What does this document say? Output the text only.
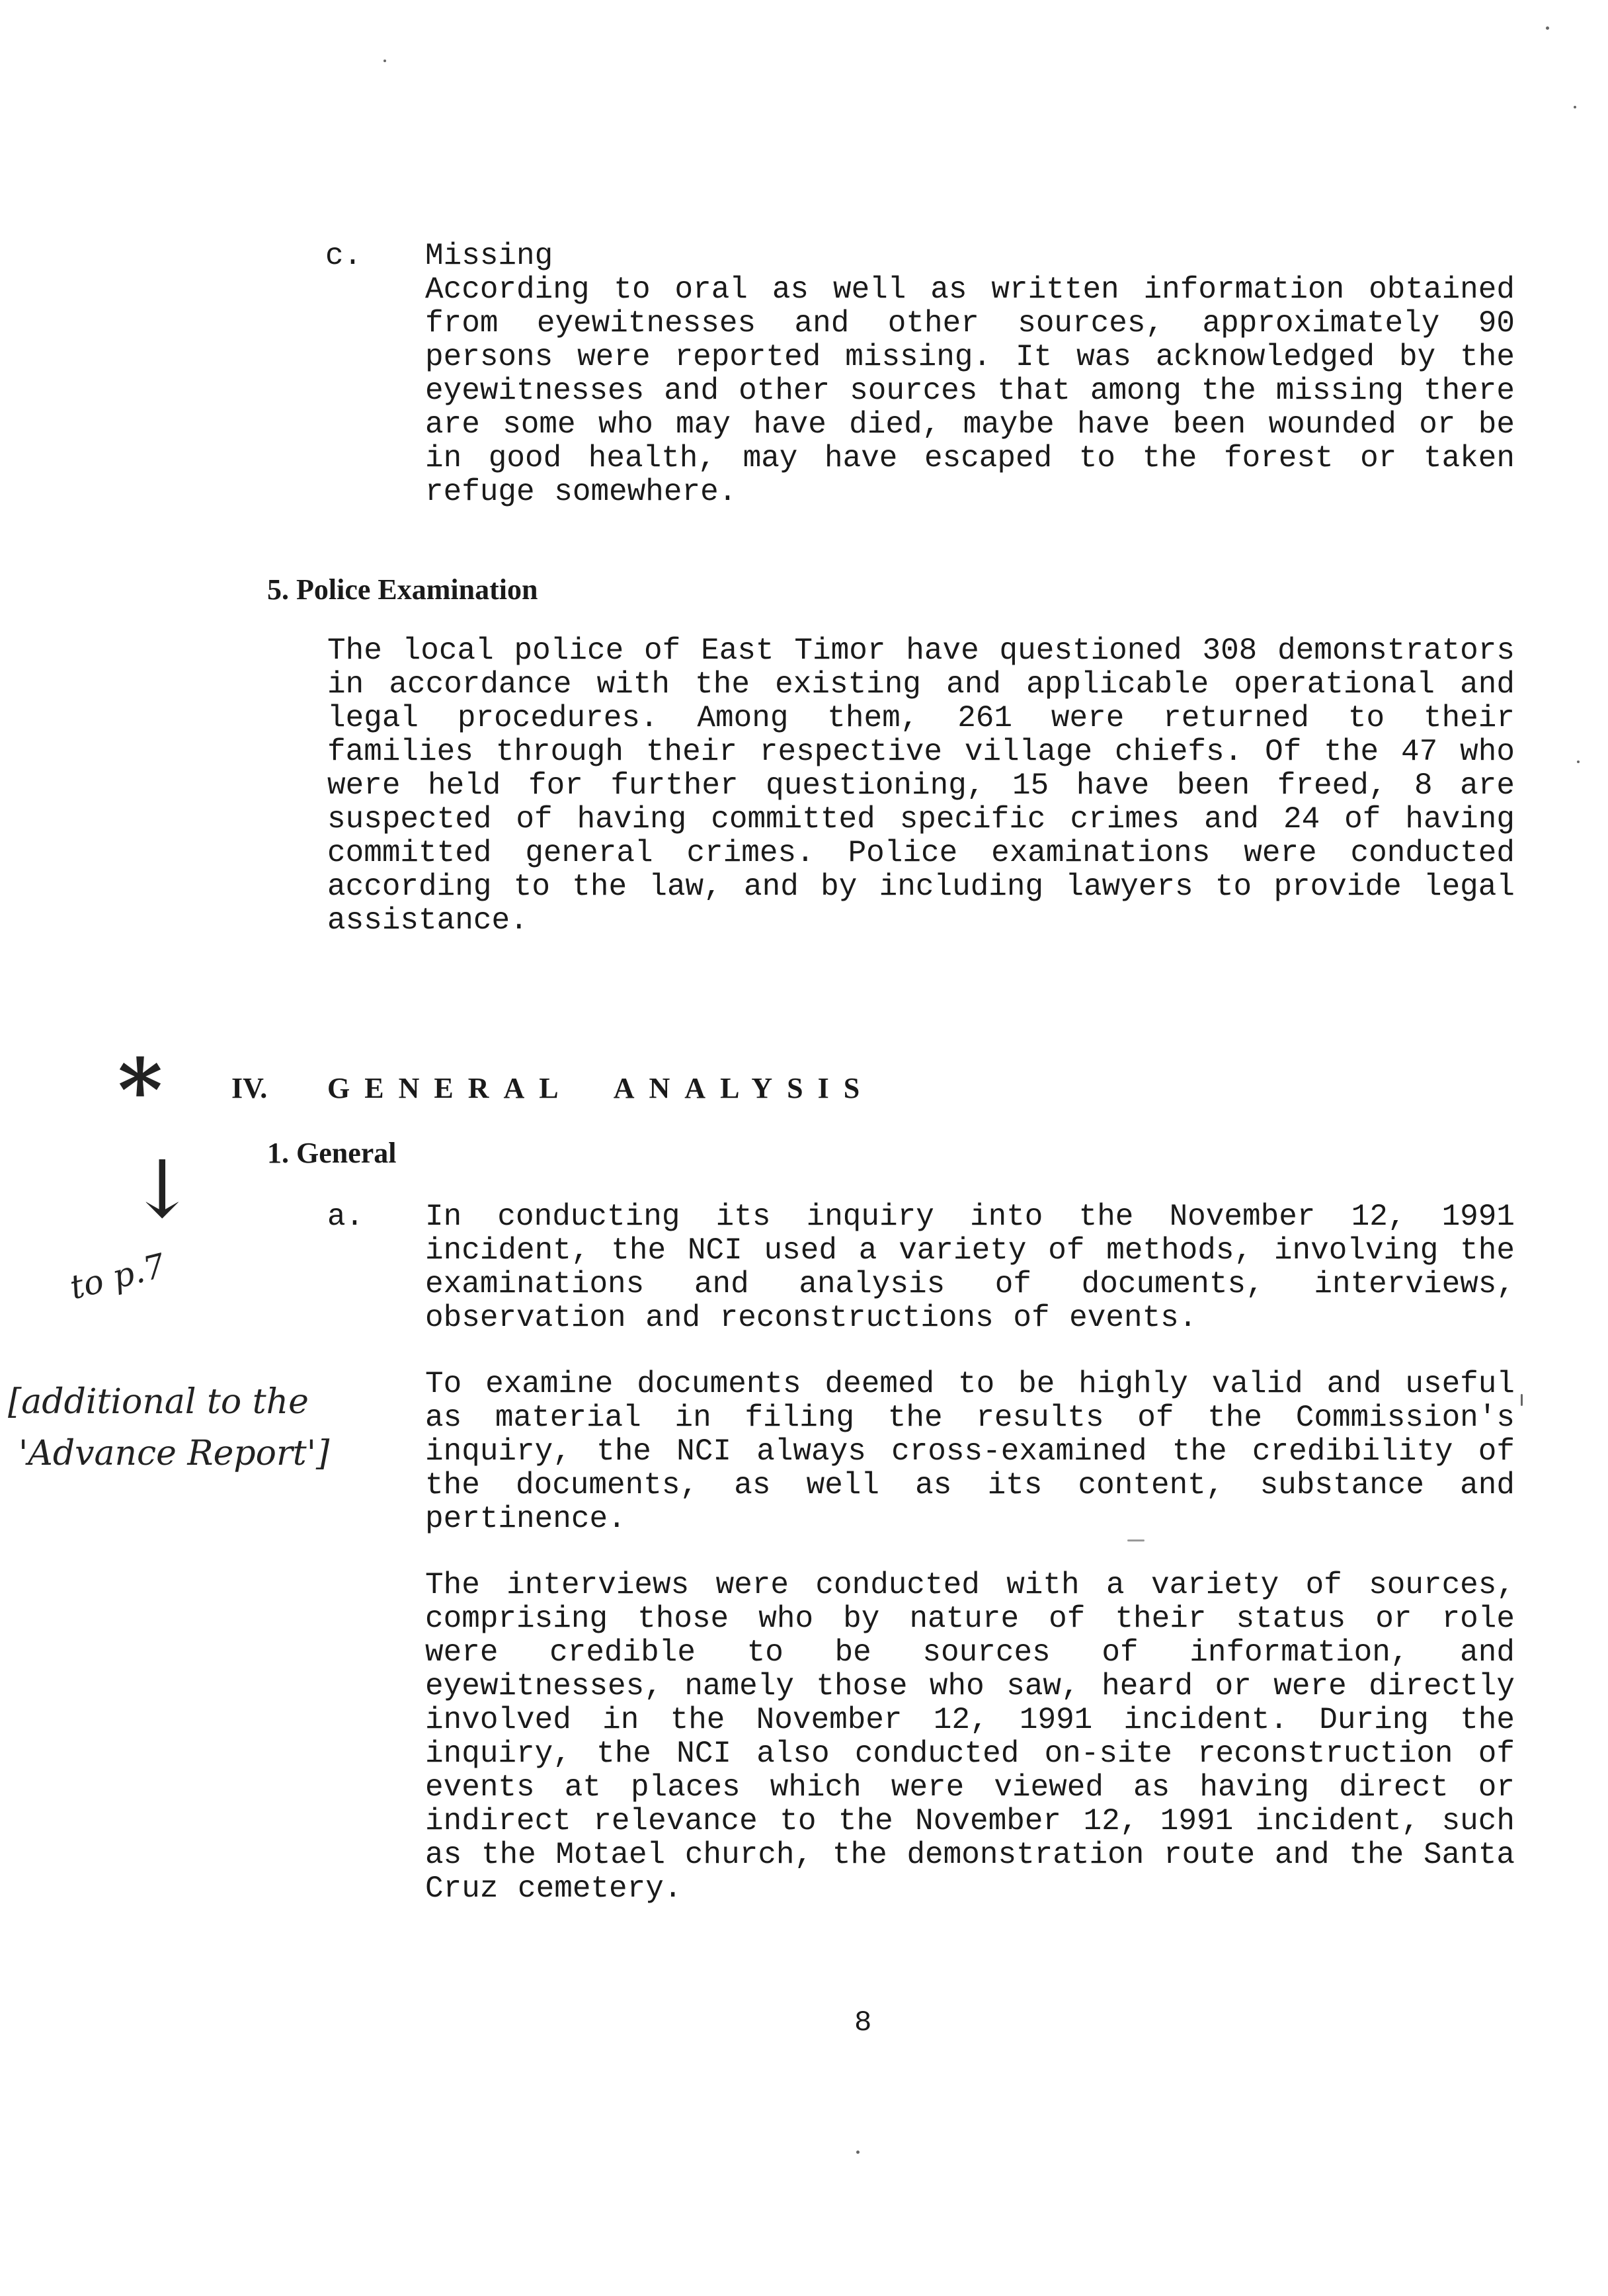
c. Missing
According to oral as well as written information obtained from eyewitnesses and other sources, approximately 90 persons were reported missing. It was acknowledged by the eyewitnesses and other sources that among the missing there are some who may have died, maybe have been wounded or be in good health, may have escaped to the forest or taken refuge somewhere.
5. Police Examination
The local police of East Timor have questioned 308 demonstrators in accordance with the existing and applicable operational and legal procedures. Among them, 261 were returned to their families through their respective village chiefs. Of the 47 who were held for further questioning, 15 have been freed, 8 are suspected of having committed specific crimes and 24 of having committed general crimes. Police examinations were conducted according to the law, and by including lawyers to provide legal assistance.
IV. GENERAL  ANALYSIS
1. General
a. In conducting its inquiry into the November 12, 1991 incident, the NCI used a variety of methods, involving the examinations and analysis of documents, interviews, observation and reconstructions of events.
To examine documents deemed to be highly valid and useful as material in filing the results of the Commission's inquiry, the NCI always cross-examined the credibility of the documents, as well as its content, substance and pertinence.
The interviews were conducted with a variety of sources, comprising those who by nature of their status or role were credible to be sources of information, and eyewitnesses, namely those who saw, heard or were directly involved in the November 12, 1991 incident. During the inquiry, the NCI also conducted on-site reconstruction of events at places which were viewed as having direct or indirect relevance to the November 12, 1991 incident, such as the Motael church, the demonstration route and the Santa Cruz cemetery.
*
↓
to p.7
[additional to the
'Advance Report']
8
